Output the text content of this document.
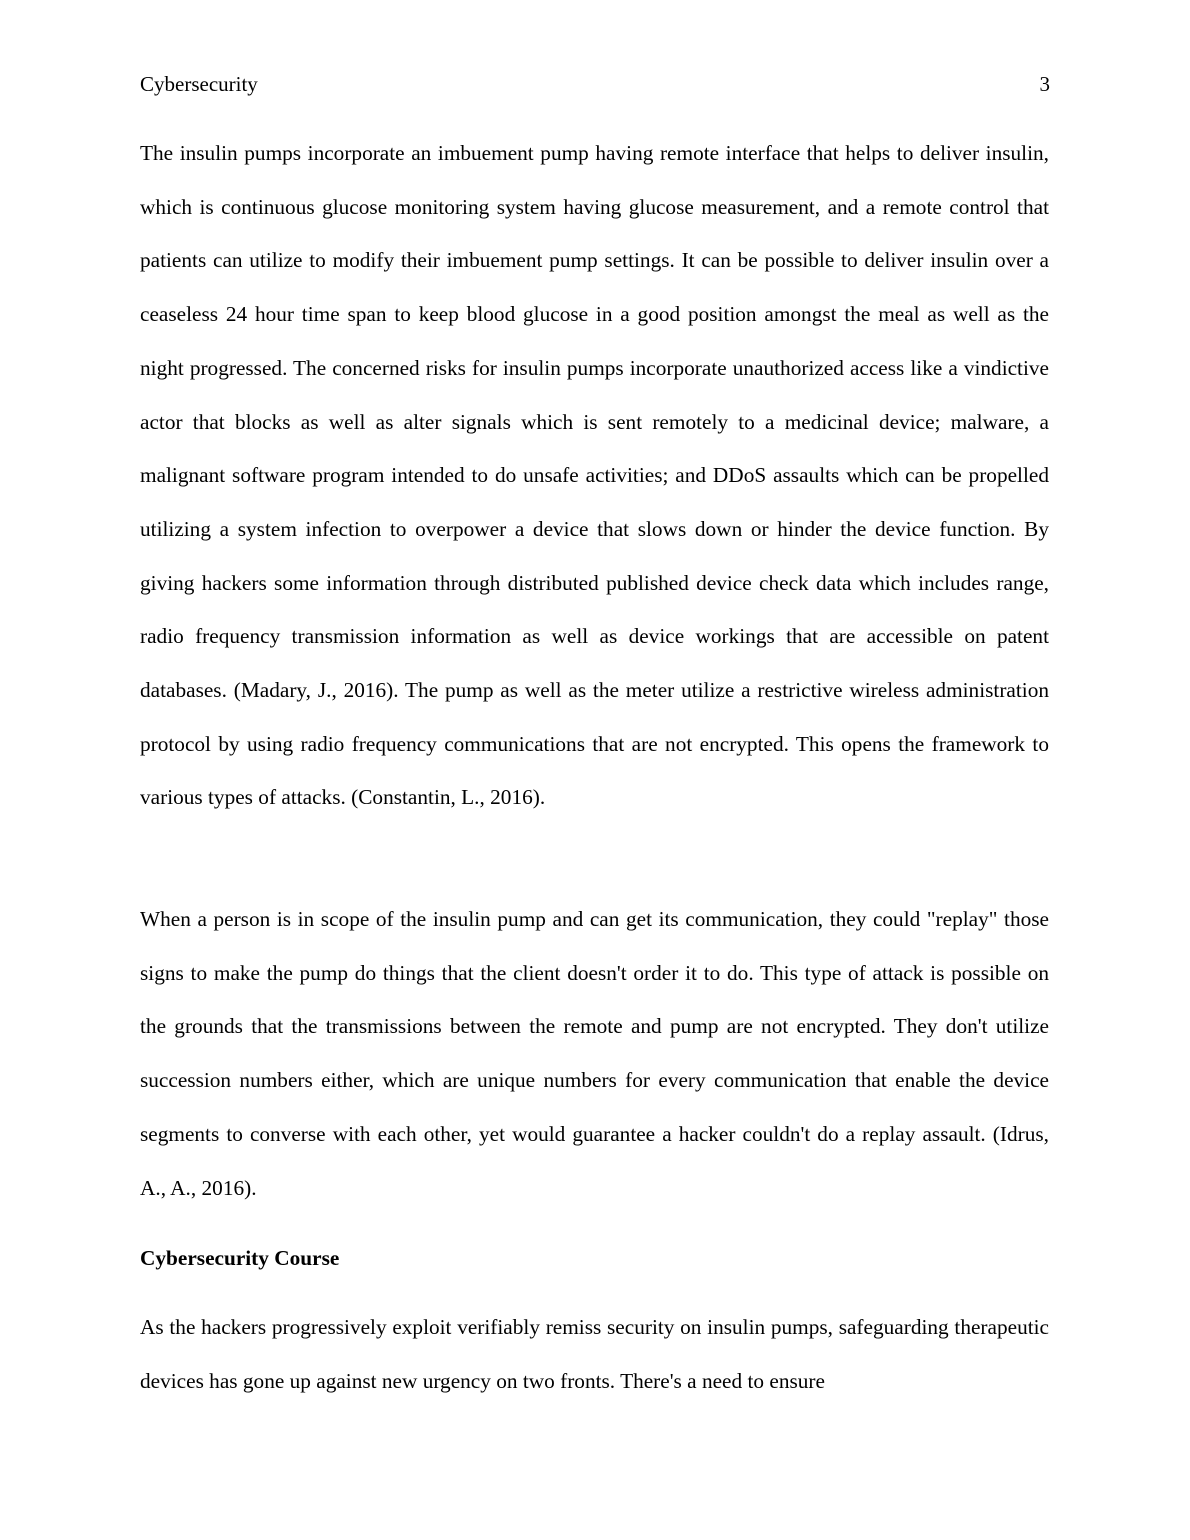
Cybersecurity	3

The insulin pumps incorporate an imbuement pump having remote interface that helps to deliver insulin, which is continuous glucose monitoring system having glucose measurement, and a remote control that patients can utilize to modify their imbuement pump settings. It can be possible to deliver insulin over a ceaseless 24 hour time span to keep blood glucose in a good position amongst the meal as well as the night progressed. The concerned risks for insulin pumps incorporate unauthorized access like a vindictive actor that blocks as well as alter signals which is sent remotely to a medicinal device; malware, a malignant software program intended to do unsafe activities; and DDoS assaults which can be propelled utilizing a system infection to overpower a device that slows down or hinder the device function. By giving hackers some information through distributed published device check data which includes range, radio frequency transmission information as well as device workings that are accessible on patent databases. (Madary, J., 2016). The pump as well as the meter utilize a restrictive wireless administration protocol by using radio frequency communications that are not encrypted. This opens the framework to various types of attacks. (Constantin, L., 2016).

When a person is in scope of the insulin pump and can get its communication, they could "replay" those signs to make the pump do things that the client doesn't order it to do. This type of attack is possible on the grounds that the transmissions between the remote and pump are not encrypted. They don't utilize succession numbers either, which are unique numbers for every communication that enable the device segments to converse with each other, yet would guarantee a hacker couldn't do a replay assault. (Idrus, A., A., 2016).

Cybersecurity Course

As the hackers progressively exploit verifiably remiss security on insulin pumps, safeguarding therapeutic devices has gone up against new urgency on two fronts. There's a need to ensure
